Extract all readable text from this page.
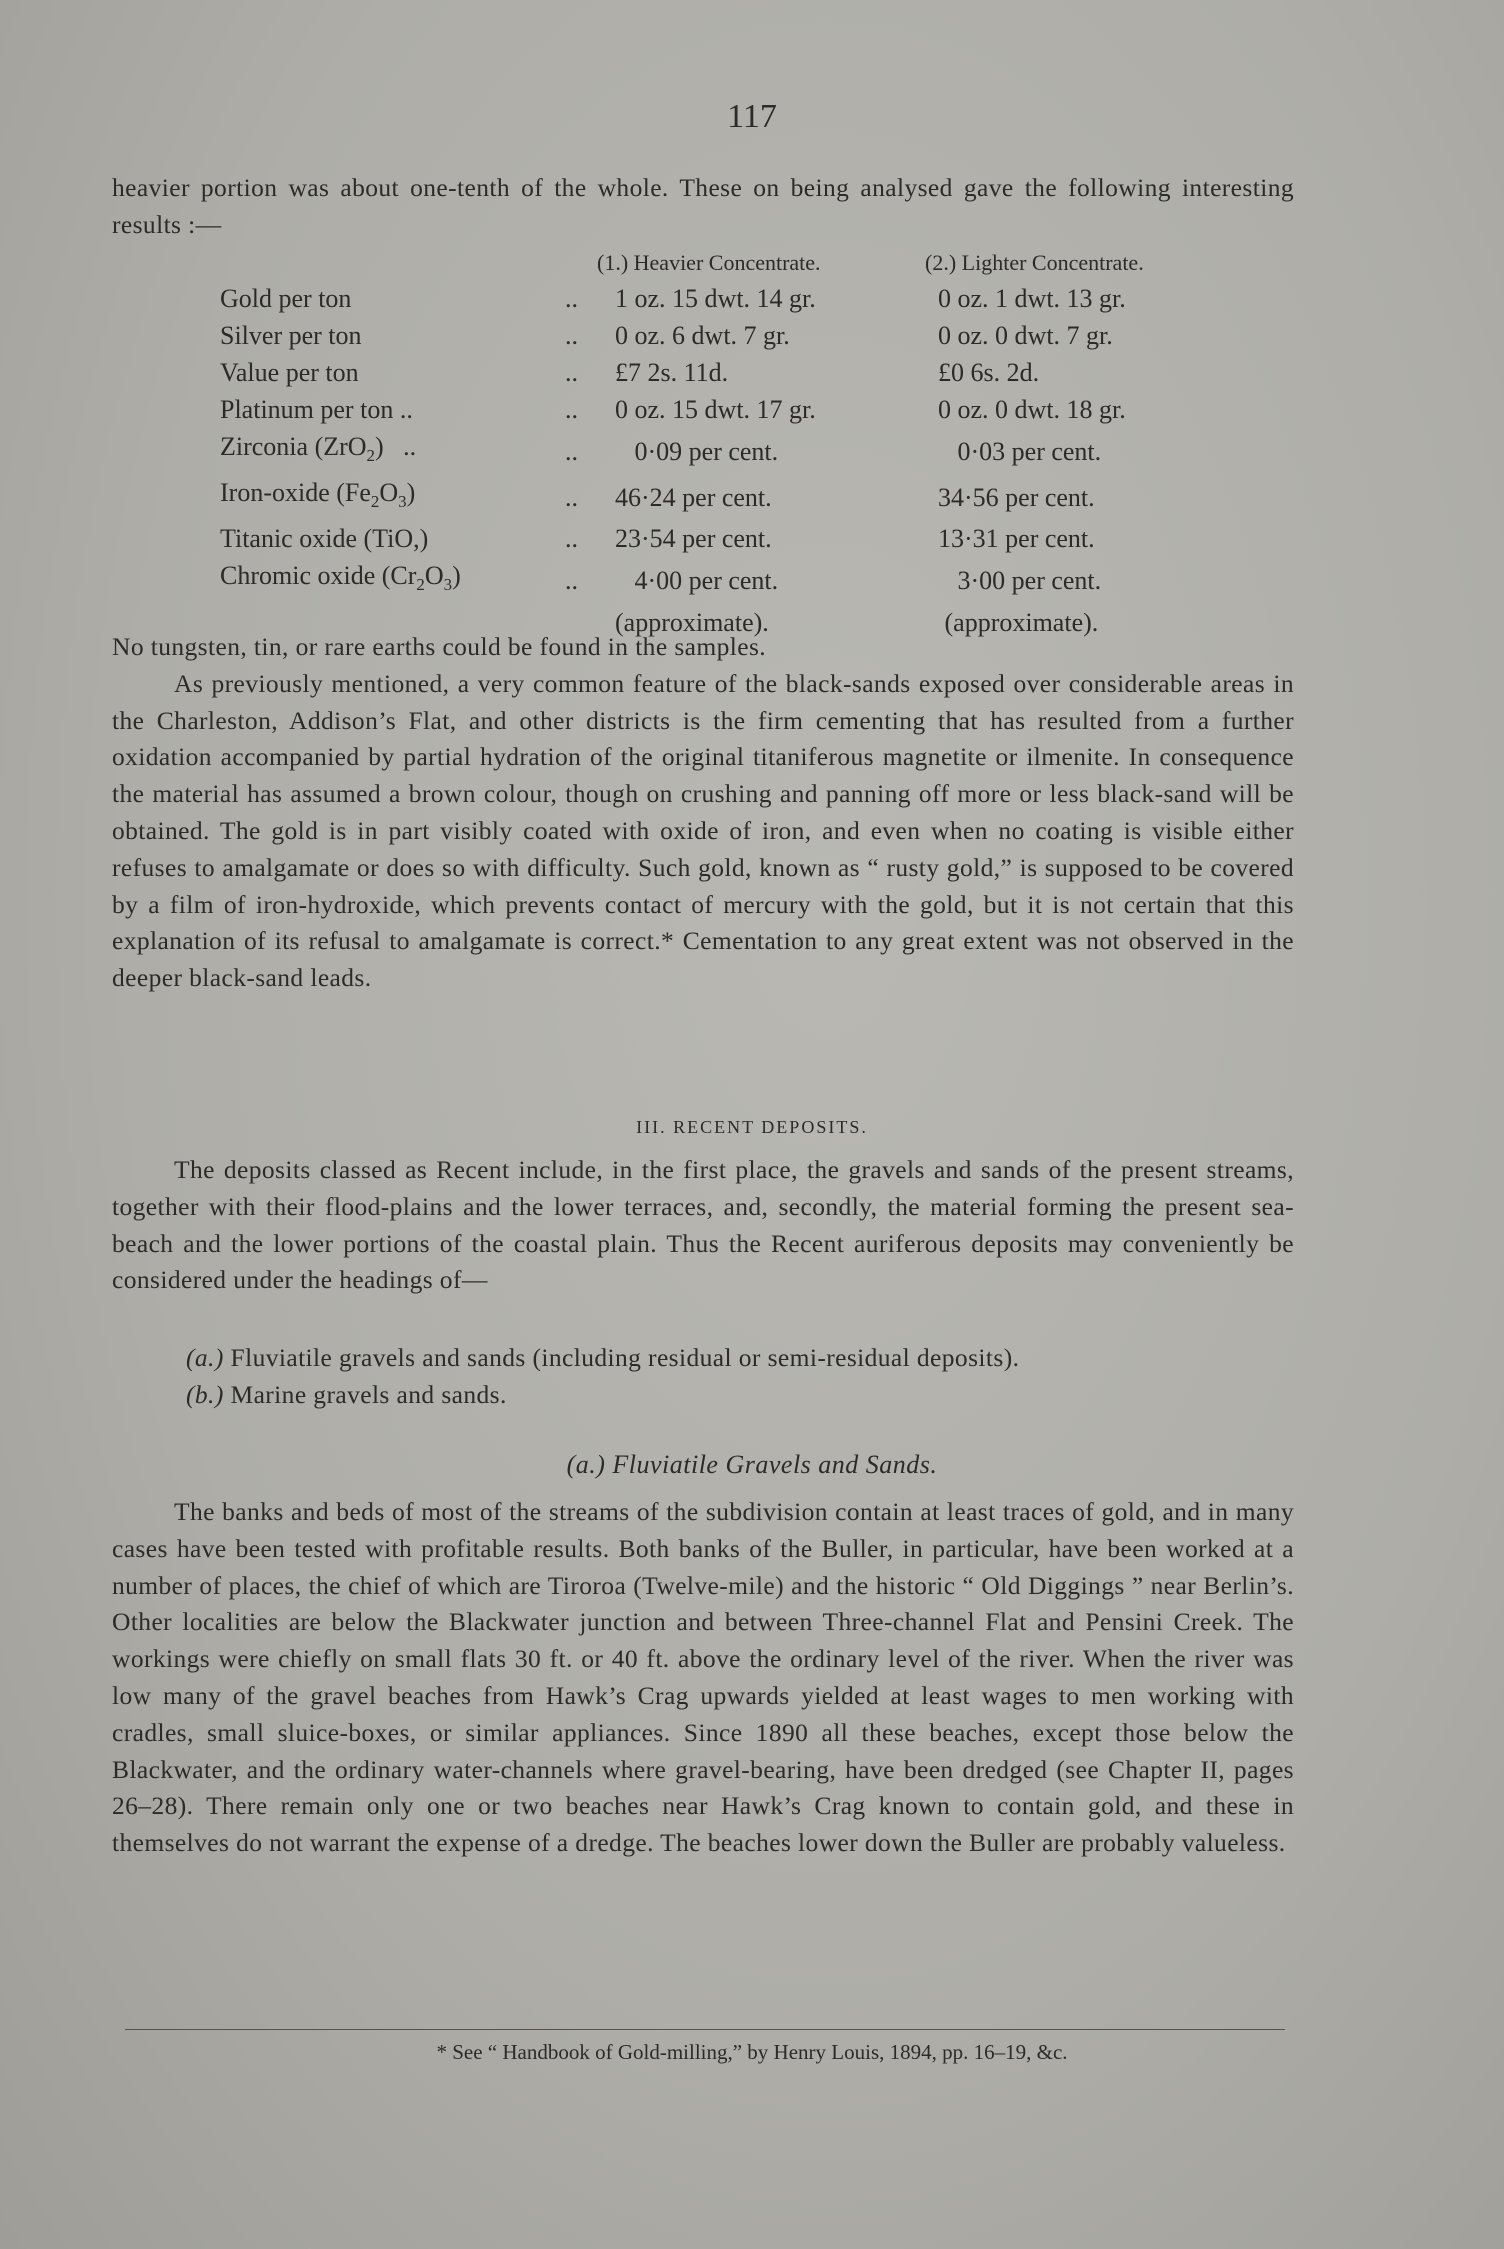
117

heavier portion was about one-tenth of the whole. These on being analysed gave the following interesting results :—

(1.) Heavier Concentrate.	(2.) Lighter Concentrate.
Gold per ton	..	1 oz. 15 dwt. 14 gr.	0 oz. 1 dwt. 13 gr.
Silver per ton	..	0 oz. 6 dwt. 7 gr.	0 oz. 0 dwt. 7 gr.
Value per ton	..	£7 2s. 11d.	£0 6s. 2d.
Platinum per ton ..	..	0 oz. 15 dwt. 17 gr.	0 oz. 0 dwt. 18 gr.
Zirconia (ZrO$_2$)   ..	..	0·09 per cent.	0·03 per cent.
Iron-oxide $(Fe_2O_3)$	..	46·24 per cent.	34·56 per cent.
Titanic oxide (TiO,)	..	23·54 per cent.	13·31 per cent.
Chromic oxide $(Cr_2O_3)$	..	4·00 per cent.	3·00 per cent.
		(approximate).	(approximate).

No tungsten, tin, or rare earths could be found in the samples.

As previously mentioned, a very common feature of the black-sands exposed over considerable areas in the Charleston, Addison’s Flat, and other districts is the firm cementing that has resulted from a further oxidation accompanied by partial hydration of the original titaniferous magnetite or ilmenite. In consequence the material has assumed a brown colour, though on crushing and panning off more or less black-sand will be obtained. The gold is in part visibly coated with oxide of iron, and even when no coating is visible either refuses to amalgamate or does so with difficulty. Such gold, known as “ rusty gold,” is supposed to be covered by a film of iron-hydroxide, which prevents contact of mercury with the gold, but it is not certain that this explanation of its refusal to amalgamate is correct.* Cementation to any great extent was not observed in the deeper black-sand leads.

III. RECENT DEPOSITS.

The deposits classed as Recent include, in the first place, the gravels and sands of the present streams, together with their flood-plains and the lower terraces, and, secondly, the material forming the present sea-beach and the lower portions of the coastal plain. Thus the Recent auriferous deposits may conveniently be considered under the headings of—

(a.) Fluviatile gravels and sands (including residual or semi-residual deposits).
(b.) Marine gravels and sands.
(a.) Fluviatile Gravels and Sands.

The banks and beds of most of the streams of the subdivision contain at least traces of gold, and in many cases have been tested with profitable results. Both banks of the Buller, in particular, have been worked at a number of places, the chief of which are Tiroroa (Twelve-mile) and the historic “ Old Diggings ” near Berlin’s. Other localities are below the Blackwater junction and between Three-channel Flat and Pensini Creek. The workings were chiefly on small flats 30 ft. or 40 ft. above the ordinary level of the river. When the river was low many of the gravel beaches from Hawk’s Crag upwards yielded at least wages to men working with cradles, small sluice-boxes, or similar appliances. Since 1890 all these beaches, except those below the Blackwater, and the ordinary water-channels where gravel-bearing, have been dredged (see Chapter II, pages 26–28). There remain only one or two beaches near Hawk’s Crag known to contain gold, and these in themselves do not warrant the expense of a dredge. The beaches lower down the Buller are probably valueless.

* See “ Handbook of Gold-milling,” by Henry Louis, 1894, pp. 16–19, &c.
